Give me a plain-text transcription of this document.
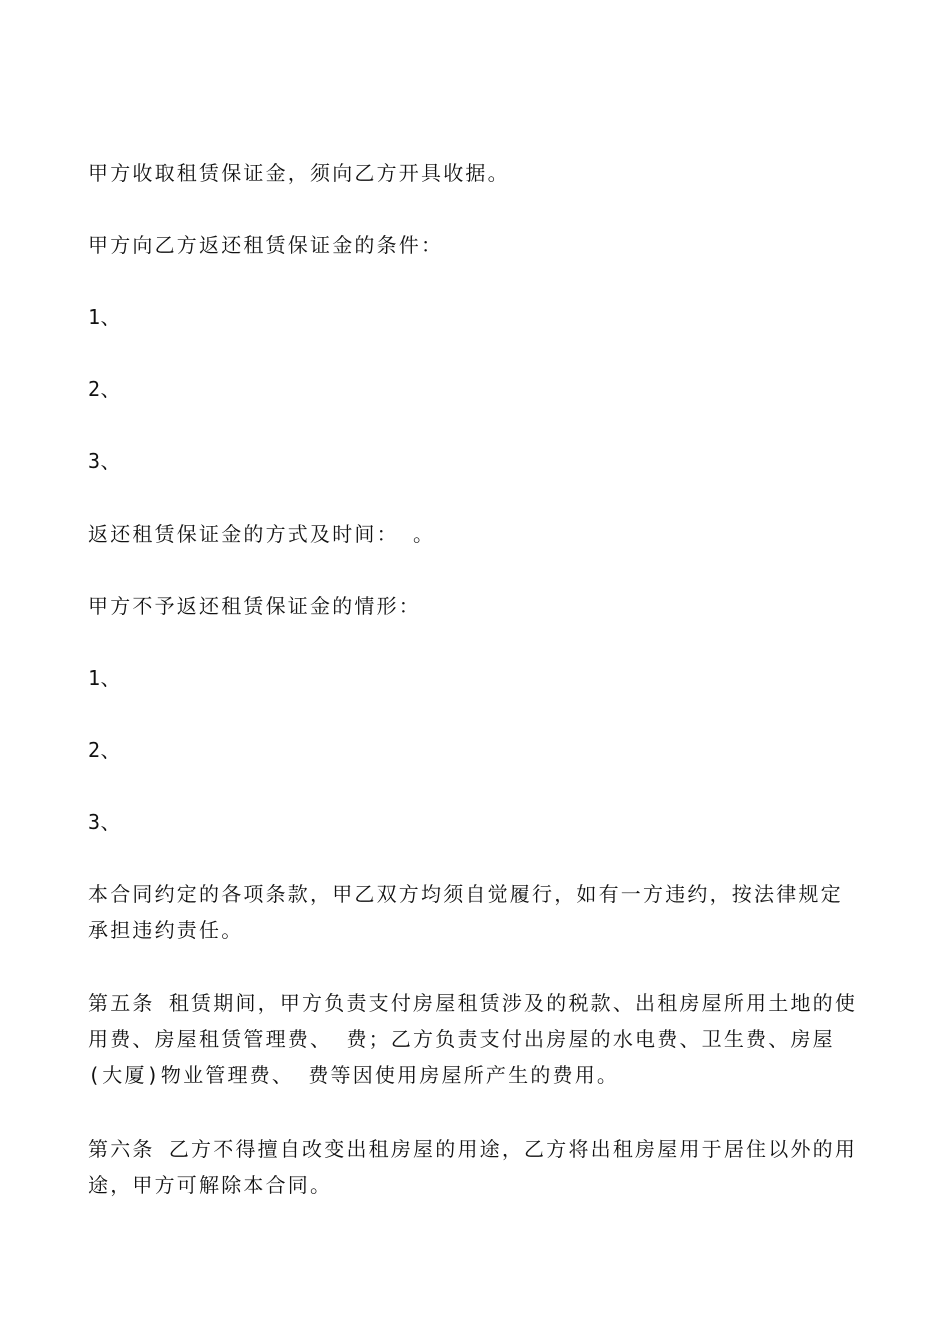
甲方收取租赁保证金，须向乙方开具收据。

甲方向乙方返还租赁保证金的条件：

1、

2、

3、

返还租赁保证金的方式及时间： 。

甲方不予返还租赁保证金的情形：

1、

2、

3、

本合同约定的各项条款，甲乙双方均须自觉履行，如有一方违约，按法律规定承担违约责任。

第五条 租赁期间，甲方负责支付房屋租赁涉及的税款、出租房屋所用土地的使用费、房屋租赁管理费、 费；乙方负责支付出房屋的水电费、卫生费、房屋(大厦)物业管理费、 费等因使用房屋所产生的费用。

第六条 乙方不得擅自改变出租房屋的用途，乙方将出租房屋用于居住以外的用途，甲方可解除本合同。
